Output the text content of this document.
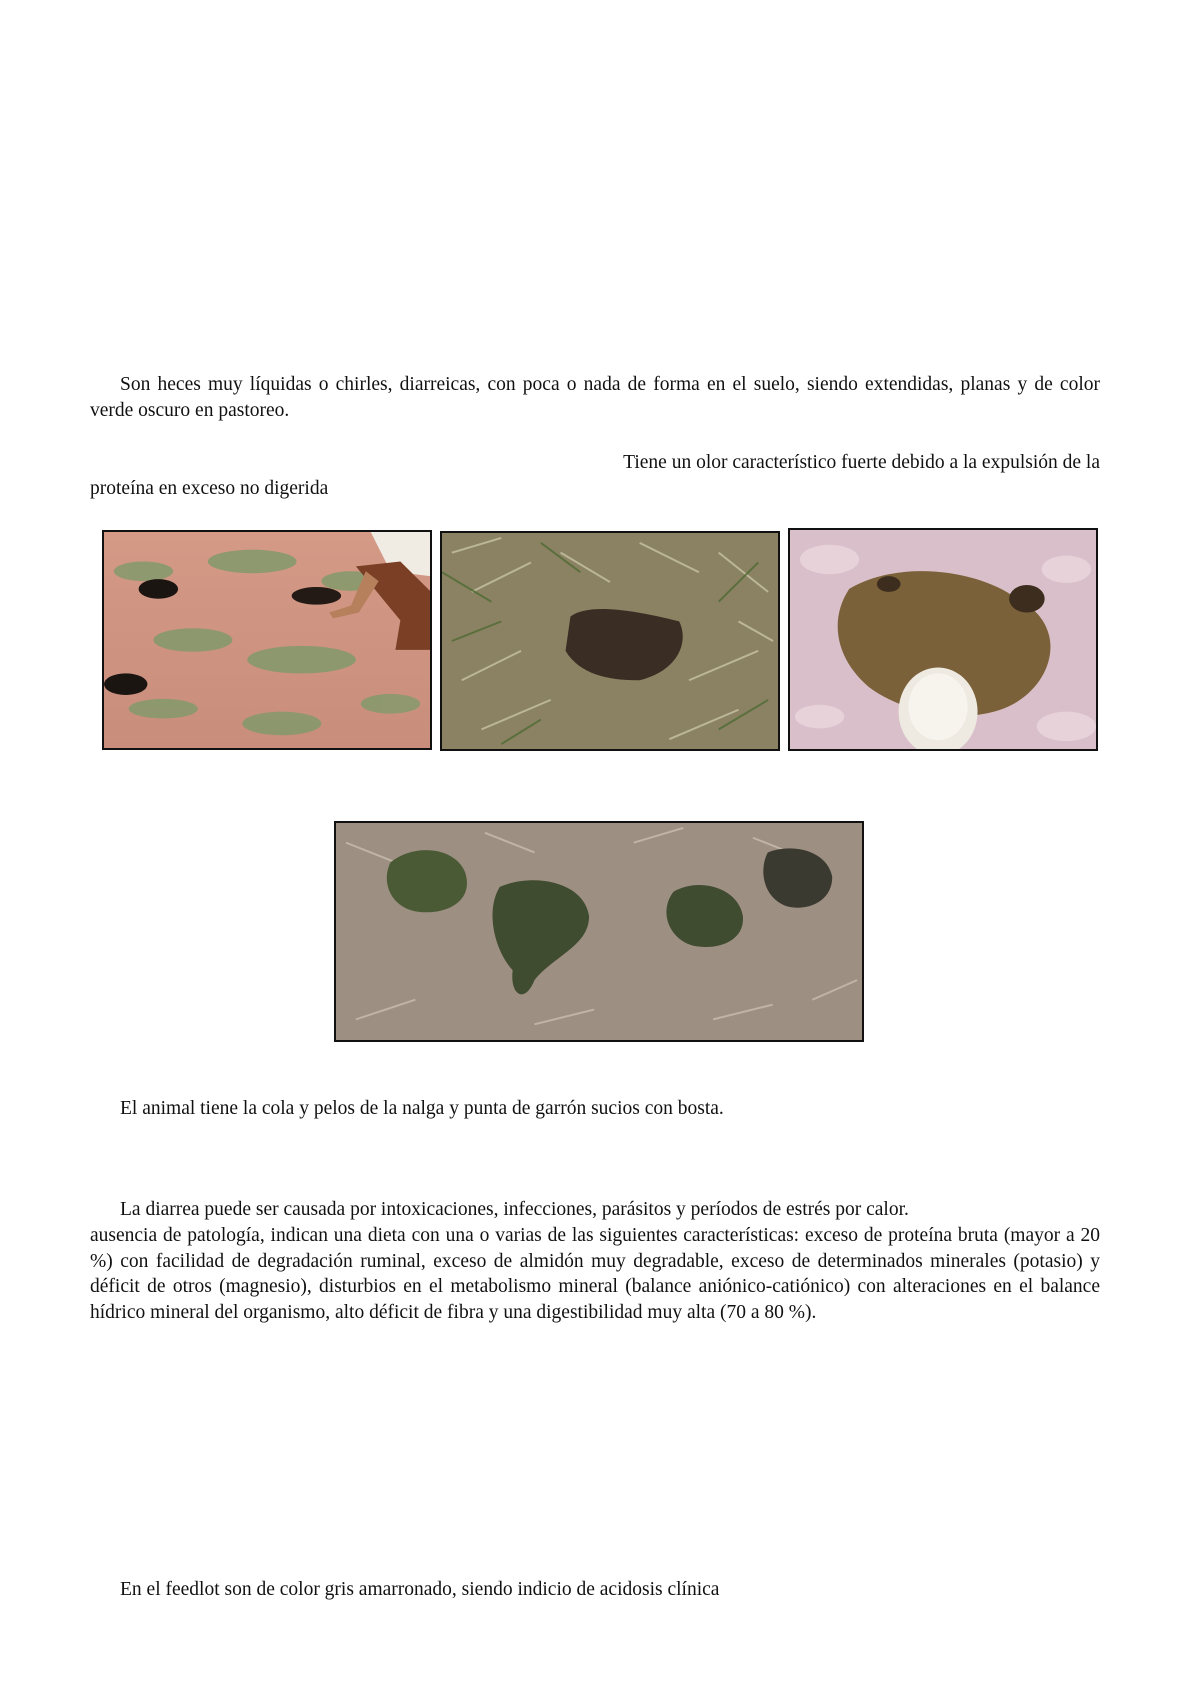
Son heces muy líquidas o chirles, diarreicas, con poca o nada de forma en el suelo, siendo extendidas, planas y de color verde oscuro en pastoreo.

Tiene un olor característico fuerte debido a la expulsión de la

proteína en exceso no digerida

El animal tiene la cola y pelos de la nalga y punta de garrón sucios con bosta.

La diarrea puede ser causada por intoxicaciones, infecciones, parásitos y períodos de estrés por calor.

ausencia de patología, indican una dieta con una o varias de las siguientes características: exceso de proteína bruta (mayor a 20 %) con facilidad de degradación ruminal, exceso de almidón muy degradable, exceso de determinados minerales (potasio) y déficit de otros (magnesio), disturbios en el metabolismo mineral (balance aniónico-catiónico) con alteraciones en el balance hídrico mineral del organismo, alto déficit de fibra y una digestibilidad muy alta (70 a 80 %).

En el feedlot son de color gris amarronado, siendo indicio de acidosis clínica
